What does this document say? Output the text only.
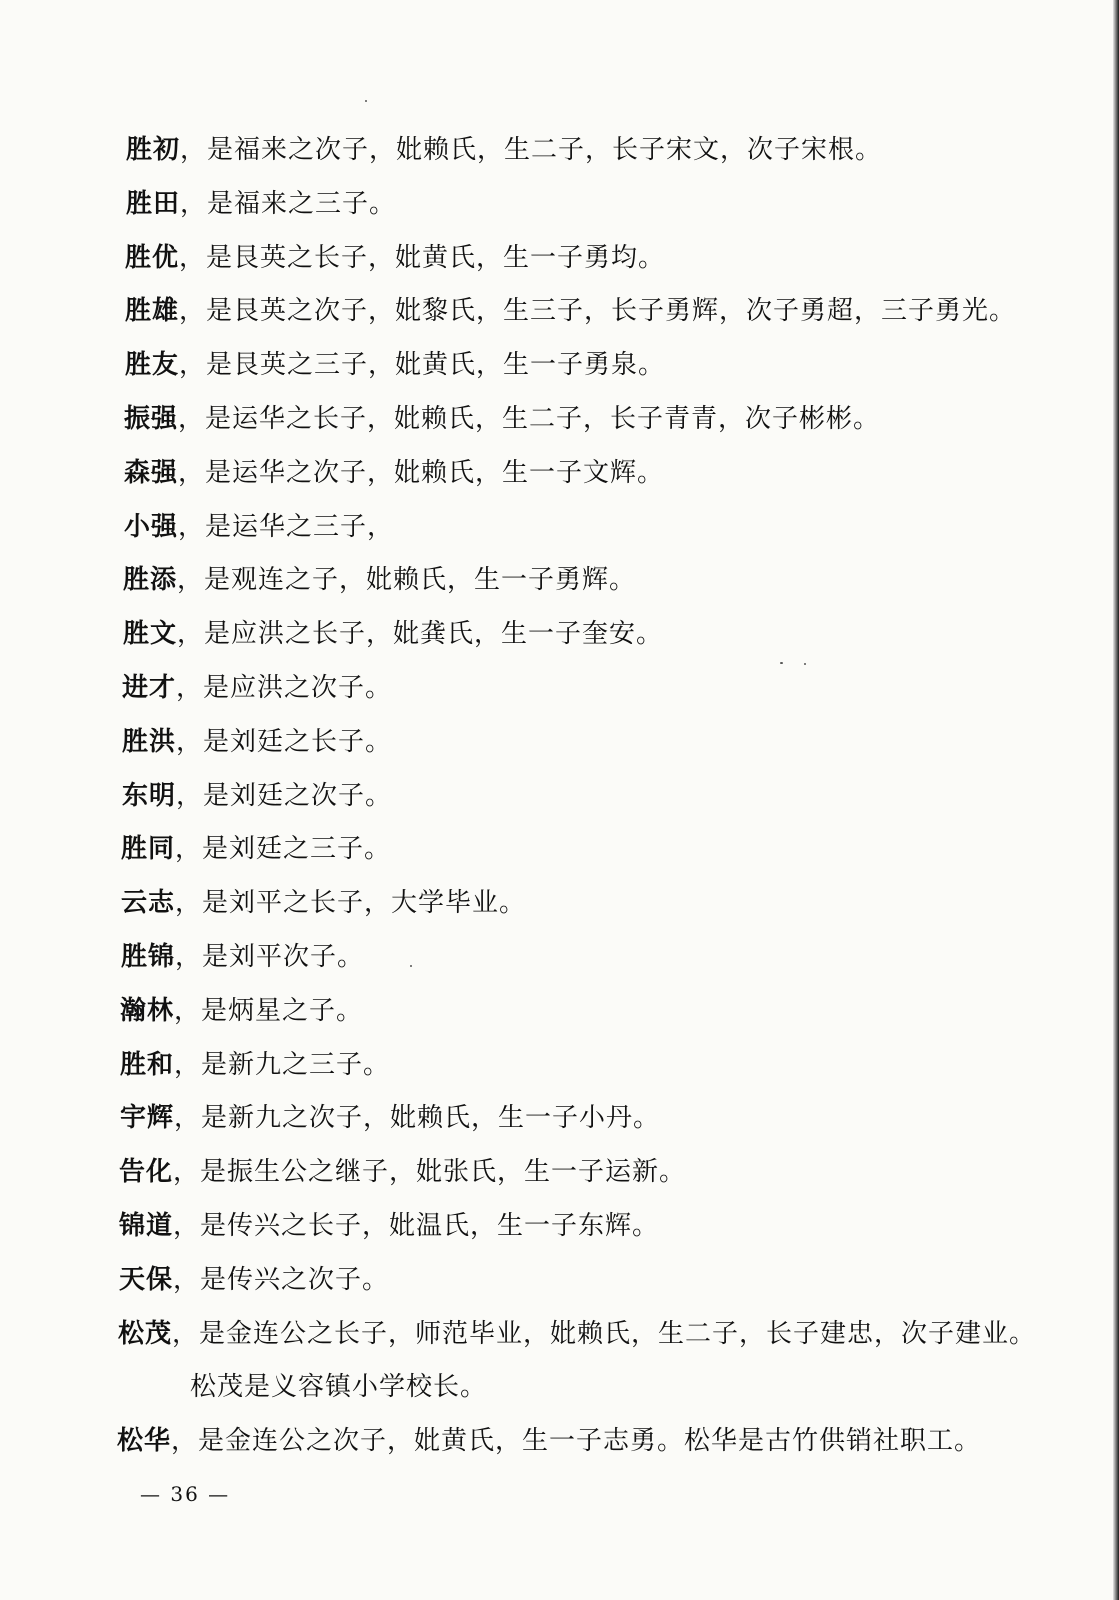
胜初，是福来之次子，妣赖氏，生二子，长子宋文，次子宋根。
胜田，是福来之三子。
胜优，是艮英之长子，妣黄氏，生一子勇均。
胜雄，是艮英之次子，妣黎氏，生三子，长子勇辉，次子勇超，三子勇光。
胜友，是艮英之三子，妣黄氏，生一子勇泉。
振强，是运华之长子，妣赖氏，生二子，长子青青，次子彬彬。
森强，是运华之次子，妣赖氏，生一子文辉。
小强，是运华之三子，
胜添，是观连之子，妣赖氏，生一子勇辉。
胜文，是应洪之长子，妣龚氏，生一子奎安。
进才，是应洪之次子。
胜洪，是刘廷之长子。
东明，是刘廷之次子。
胜同，是刘廷之三子。
云志，是刘平之长子，大学毕业。
胜锦，是刘平次子。
瀚林，是炳星之子。
胜和，是新九之三子。
宇辉，是新九之次子，妣赖氏，生一子小丹。
告化，是振生公之继子，妣张氏，生一子运新。
锦道，是传兴之长子，妣温氏，生一子东辉。
天保，是传兴之次子。
松茂，是金连公之长子，师范毕业，妣赖氏，生二子，长子建忠，次子建业。
松茂是义容镇小学校长。
松华，是金连公之次子，妣黄氏，生一子志勇。松华是古竹供销社职工。
— 36 —
